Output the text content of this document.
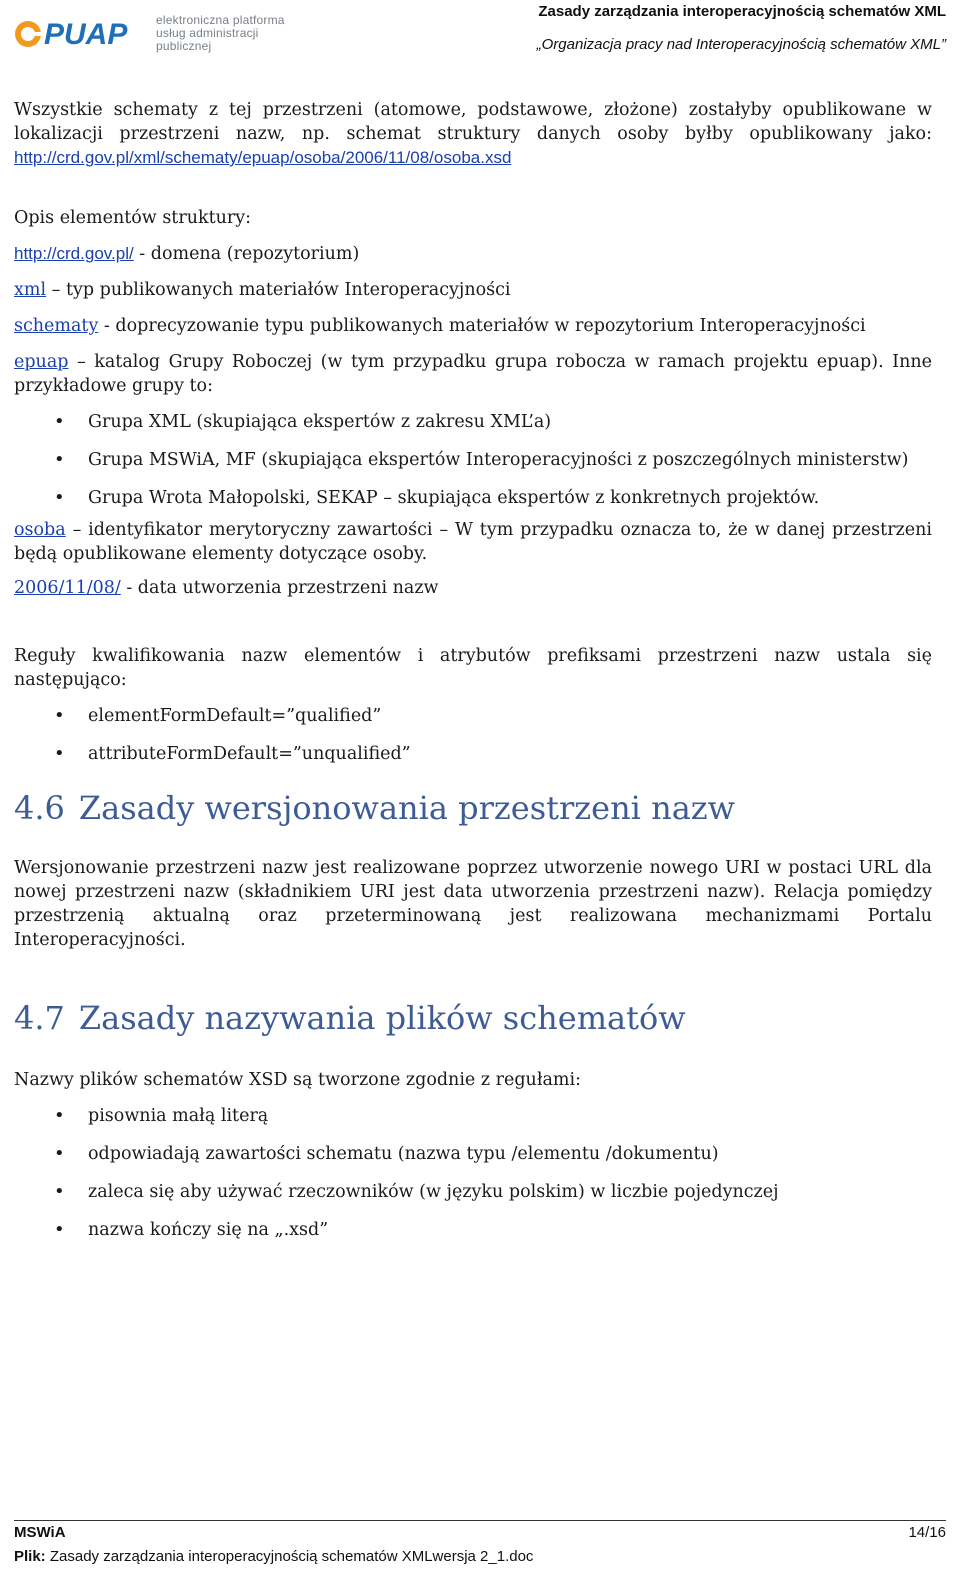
PUAP elektroniczna platforma
usług administracji publicznej
Zasady zarządzania interoperacyjnością schematów XML
„Organizacja pracy nad Interoperacyjnością schematów XML”

Wszystkie schematy z tej przestrzeni (atomowe, podstawowe, złożone) zostałyby opublikowane w lokalizacji przestrzeni nazw, np. schemat struktury danych osoby byłby opublikowany jako: http://crd.gov.pl/xml/schematy/epuap/osoba/2006/11/08/osoba.xsd

Opis elementów struktury:

http://crd.gov.pl/ - domena (repozytorium)

xml – typ publikowanych materiałów Interoperacyjności

schematy - doprecyzowanie typu publikowanych materiałów w repozytorium Interoperacyjności

epuap – katalog Grupy Roboczej (w tym przypadku grupa robocza w ramach projektu epuap). Inne przykładowe grupy to:

• Grupa XML (skupiająca ekspertów z zakresu XML’a)
• Grupa MSWiA, MF (skupiająca ekspertów Interoperacyjności z poszczególnych ministerstw)
• Grupa Wrota Małopolski, SEKAP – skupiająca ekspertów z konkretnych projektów.

osoba – identyfikator merytoryczny zawartości – W tym przypadku oznacza to, że w danej przestrzeni będą opublikowane elementy dotyczące osoby.

2006/11/08/ - data utworzenia przestrzeni nazw

Reguły kwalifikowania nazw elementów i atrybutów prefiksami przestrzeni nazw ustala się następująco:

• elementFormDefault=”qualified”
• attributeFormDefault=”unqualified”
4.6 Zasady wersjonowania przestrzeni nazw

Wersjonowanie przestrzeni nazw jest realizowane poprzez utworzenie nowego URI w postaci URL dla nowej przestrzeni nazw (składnikiem URI jest data utworzenia przestrzeni nazw). Relacja pomiędzy przestrzenią aktualną oraz przeterminowaną jest realizowana mechanizmami Portalu Interoperacyjności.

4.7 Zasady nazywania plików schematów

Nazwy plików schematów XSD są tworzone zgodnie z regułami:

• pisownia małą literą
• odpowiadają zawartości schematu (nazwa typu /elementu /dokumentu)
• zaleca się aby używać rzeczowników (w języku polskim) w liczbie pojedynczej
• nazwa kończy się na „.xsd”
MSWiA	14/16
Plik: Zasady zarządzania interoperacyjnością schematów XMLwersja 2_1.doc
